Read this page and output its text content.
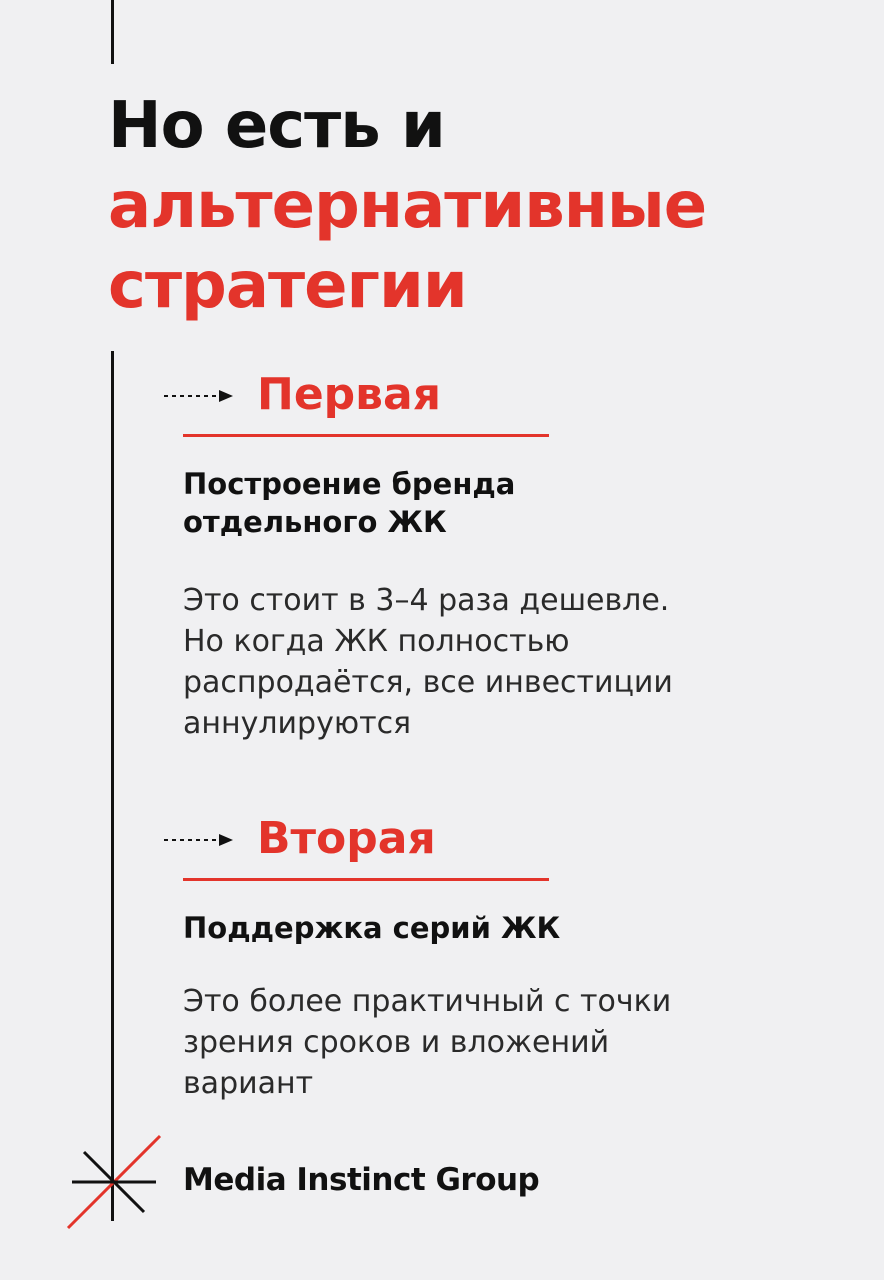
Но есть и
альтернативные
стратегии
Первая

Построение бренда
отдельного ЖК

Это стоит в 3–4 раза дешевле.
Но когда ЖК полностью
распродаётся, все инвестиции
аннулируются

Вторая

Поддержка серий ЖК

Это более практичный с точки
зрения сроков и вложений
вариант

Media Instinct Group
